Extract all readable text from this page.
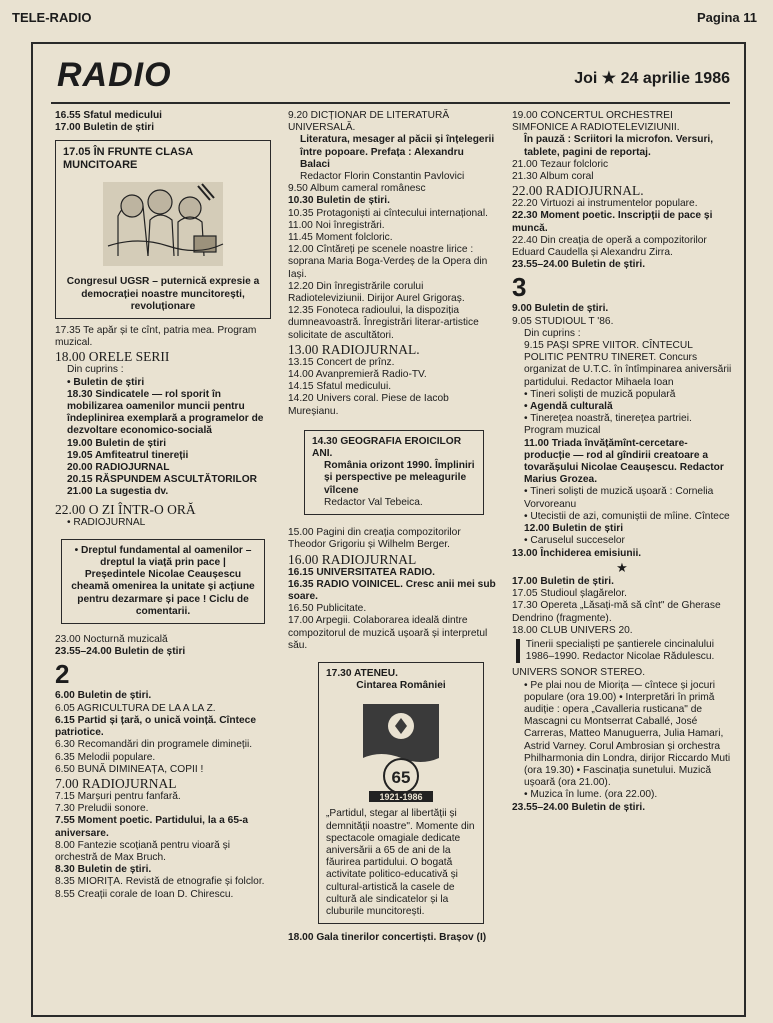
TELE-RADIO	Pagina 11
RADIO	Joi ★ 24 aprilie 1986

16.55 Sfatul medicului

17.00 Buletin de știri

17.05 ÎN FRUNTE CLASA MUNCITOARE

Congresul UGSR – puternică expresie a democrației noastre muncitorești, revoluționare

17.35 Te apăr și te cînt, patria mea. Program muzical.

18.00 ORELE SERII

Din cuprins :

• Buletin de știri

18.30 Sindicatele — rol sporit în mobilizarea oamenilor muncii pentru îndeplinirea exemplară a programelor de dezvoltare economico-socială

19.00 Buletin de știri

19.05 Amfiteatrul tinereții

20.00 RADIOJURNAL

20.15 RĂSPUNDEM ASCULTĂTORILOR

21.00 La sugestia dv.

22.00 O ZI ÎNTR-O ORĂ

• RADIOJURNAL

• Dreptul fundamental al oamenilor – dreptul la viață prin pace | Președintele Nicolae Ceaușescu cheamă omenirea la unitate și acțiune pentru dezarmare și pace ! Ciclu de comentarii.

23.00 Nocturnă muzicală

23.55–24.00 Buletin de știri

2

6.00 Buletin de știri.

6.05 AGRICULTURA DE LA A LA Z.

6.15 Partid și țară, o unică voință. Cîntece patriotice.

6.30 Recomandări din programele dimineții.

6.35 Melodii populare.

6.50 BUNĂ DIMINEAȚA, COPII !

7.00 RADIOJURNAL

7.15 Marșuri pentru fanfară.

7.30 Preludii sonore.

7.55 Moment poetic. Partidului, la a 65-a aniversare.

8.00 Fantezie scoțiană pentru vioară și orchestră de Max Bruch.

8.30 Buletin de știri.

8.35 MIORIȚA. Revistă de etnografie și folclor.

8.55 Creații corale de Ioan D. Chirescu.

9.20 DICȚIONAR DE LITERATURĂ UNIVERSALĂ.

Literatura, mesager al păcii și înțelegerii între popoare. Prefața : Alexandru Balaci

Redactor Florin Constantin Pavlovici

9.50 Album cameral românesc

10.30 Buletin de știri.

10.35 Protagoniști ai cîntecului internațional.

11.00 Noi înregistrări.

11.45 Moment folcloric.

12.00 Cîntăreți pe scenele noastre lirice : soprana Maria Boga-Verdeș de la Opera din Iași.

12.20 Din înregistrările corului Radioteleviziunii. Dirijor Aurel Grigoraș.

12.35 Fonoteca radioului, la dispoziția dumneavoastră. Înregistrări literar-artistice solicitate de ascultători.

13.00 RADIOJURNAL.

13.15 Concert de prînz.

14.00 Avanpremieră Radio-TV.

14.15 Sfatul medicului.

14.20 Univers coral. Piese de Iacob Mureșianu.

14.30 GEOGRAFIA EROICILOR ANI.

România orizont 1990. Împliniri și perspective pe meleagurile vîlcene

Redactor Val Tebeica.

15.00 Pagini din creația compozitorilor Theodor Grigoriu și Wilhelm Berger.

16.00 RADIOJURNAL

16.15 UNIVERSITATEA RADIO.

16.35 RADIO VOINICEL. Cresc anii mei sub soare.

16.50 Publicitate.

17.00 Arpegii. Colaborarea ideală dintre compozitorul de muzică ușoară și interpretul său.

17.30 ATENEU.

Cintarea României

65
1921-1986

„Partidul, stegar al libertății și demnității noastre". Momente din spectacole omagiale dedicate aniversării a 65 de ani de la făurirea partidului. O bogată activitate politico-educativă și cultural-artistică la casele de cultură ale sindicatelor și la cluburile muncitorești.

18.00 Gala tinerilor concertiști. Brașov (I)

19.00 CONCERTUL ORCHESTREI SIMFONICE A RADIOTELEVIZIUNII.

În pauză : Scriitori la microfon. Versuri, tablete, pagini de reportaj.

21.00 Tezaur folcloric

21.30 Album coral

22.00 RADIOJURNAL.

22.20 Virtuozi ai instrumentelor populare.

22.30 Moment poetic. Inscripții de pace și muncă.

22.40 Din creația de operă a compozitorilor Eduard Caudella și Alexandru Zirra.

23.55–24.00 Buletin de știri.

3

9.00 Buletin de știri.

9.05 STUDIOUL T '86.

Din cuprins :

9.15 PAȘI SPRE VIITOR. CÎNTECUL POLITIC PENTRU TINERET. Concurs organizat de U.T.C. în întîmpinarea aniversării partidului. Redactor Mihaela Ioan

• Tineri soliști de muzică populară

• Agendă culturală

• Tinerețea noastră, tinerețea partriei. Program muzical

11.00 Triada învățămînt-cercetare-producție — rod al gîndirii creatoare a tovarășului Nicolae Ceaușescu. Redactor Marius Grozea.

• Tineri soliști de muzică ușoară : Cornelia Vorvoreanu

• Utecistii de azi, comuniștii de mîine. Cîntece

12.00 Buletin de știri

• Caruselul succeselor

13.00 Închiderea emisiunii.

★

17.00 Buletin de știri.

17.05 Studioul șlagărelor.

17.30 Opereta „Lăsați-mă să cînt" de Gherase Dendrino (fragmente).

18.00 CLUB UNIVERS 20.

Tinerii specialiști pe șantierele cincinalului 1986–1990. Redactor Nicolae Rădulescu.

UNIVERS SONOR STEREO.

• Pe plai nou de Miorița — cîntece și jocuri populare (ora 19.00) • Interpretări în primă audiție : opera „Cavalleria rusticana" de Mascagni cu Montserrat Caballé, José Carreras, Matteo Manuguerra, Julia Hamari, Astrid Varney. Corul Ambrosian și orchestra Philharmonia din Londra, dirijor Riccardo Muti (ora 19.30) • Fascinația sunetului. Muzică ușoară (ora 21.00).

• Muzica în lume. (ora 22.00).

23.55–24.00 Buletin de știri.
